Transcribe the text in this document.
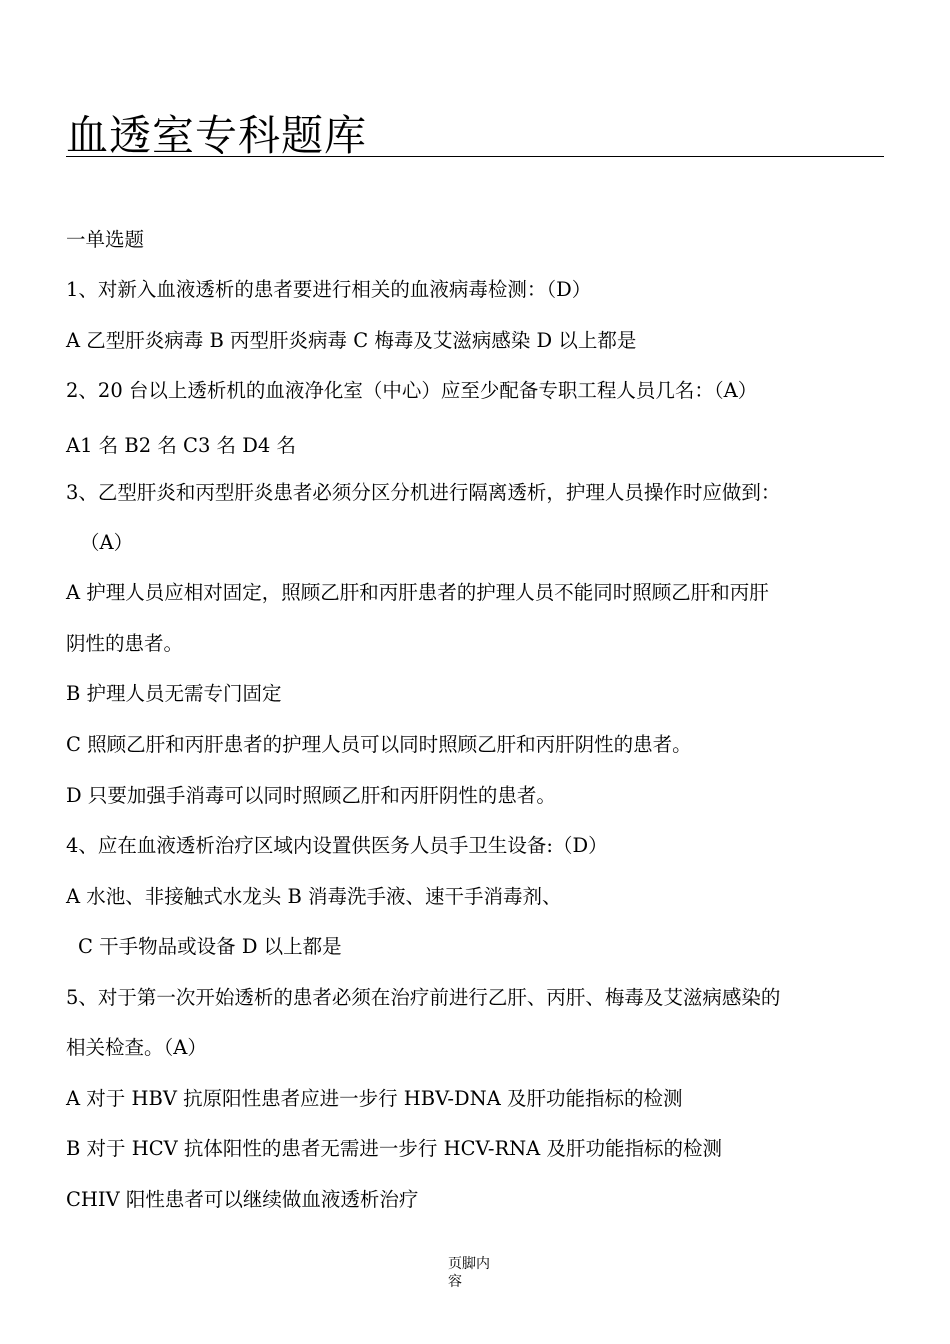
血透室专科题库
一单选题
1、对新入血液透析的患者要进行相关的血液病毒检测：（D）
A 乙型肝炎病毒 B 丙型肝炎病毒 C 梅毒及艾滋病感染 D 以上都是
2、20 台以上透析机的血液净化室（中心）应至少配备专职工程人员几名：（A）
A1 名 B2 名 C3 名 D4 名
3、乙型肝炎和丙型肝炎患者必须分区分机进行隔离透析，护理人员操作时应做到：
（A）
A 护理人员应相对固定，照顾乙肝和丙肝患者的护理人员不能同时照顾乙肝和丙肝
阴性的患者。
B 护理人员无需专门固定
C 照顾乙肝和丙肝患者的护理人员可以同时照顾乙肝和丙肝阴性的患者。
D 只要加强手消毒可以同时照顾乙肝和丙肝阴性的患者。
4、应在血液透析治疗区域内设置供医务人员手卫生设备:（D）
A 水池、非接触式水龙头 B 消毒洗手液、速干手消毒剂、
C 干手物品或设备 D 以上都是
5、对于第一次开始透析的患者必须在治疗前进行乙肝、丙肝、梅毒及艾滋病感染的
相关检查。（A）
A 对于 HBV 抗原阳性患者应进一步行 HBV-DNA 及肝功能指标的检测
B 对于 HCV 抗体阳性的患者无需进一步行 HCV-RNA 及肝功能指标的检测
CHIV 阳性患者可以继续做血液透析治疗
页脚内
容
